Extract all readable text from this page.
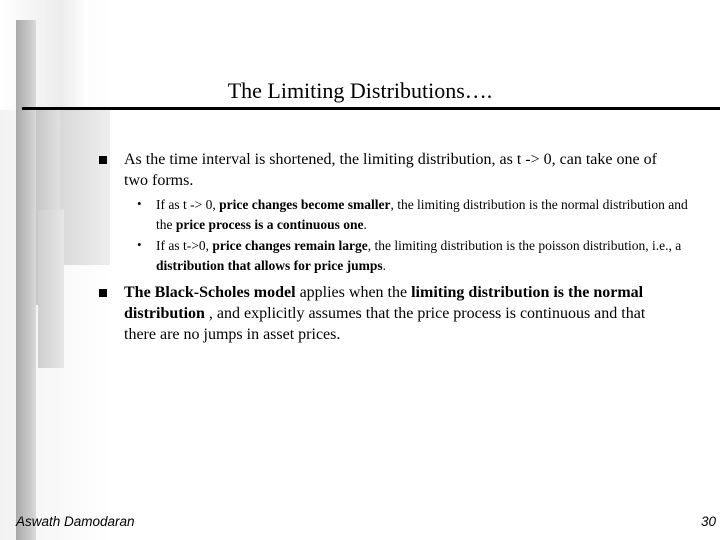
The Limiting Distributions….
As the time interval is shortened, the limiting distribution, as t -> 0, can take one of two forms.
• If as t -> 0, price changes become smaller, the limiting distribution is the normal distribution and the price process is a continuous one.
• If as t->0, price changes remain large, the limiting distribution is the poisson distribution, i.e., a distribution that allows for price jumps.
The Black-Scholes model applies when the limiting distribution is the normal distribution , and explicitly assumes that the price process is continuous and that there are no jumps in asset prices.
Aswath Damodaran	30
